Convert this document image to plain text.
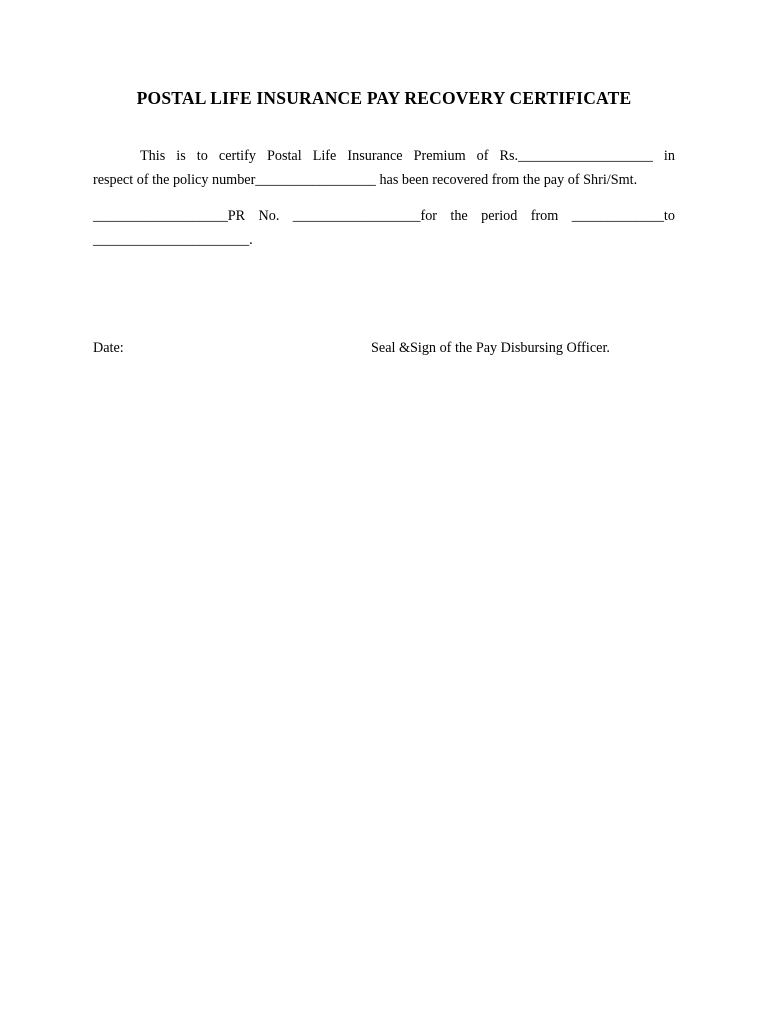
POSTAL LIFE INSURANCE PAY RECOVERY CERTIFICATE
This is to certify Postal Life Insurance Premium of Rs.___________________ in
respect of the policy number_________________ has been recovered from the pay of Shri/Smt.
___________________PR No. __________________for the period from _____________to
______________________.

Date:	Seal &Sign of the Pay Disbursing Officer.
